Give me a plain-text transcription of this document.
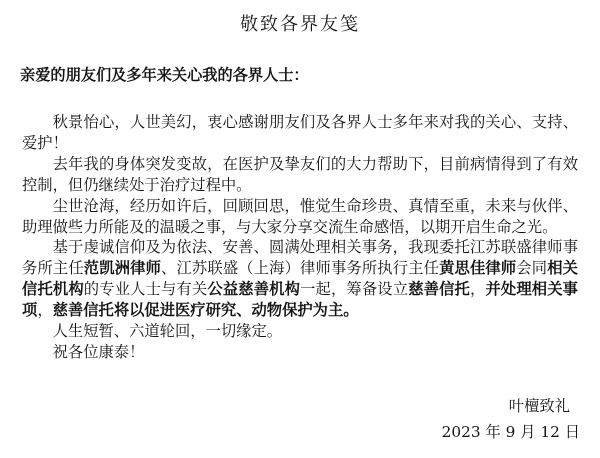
敬致各界友笺
亲爱的朋友们及多年来关心我的各界人士：

秋景怡心，人世美幻，衷心感谢朋友们及各界人士多年来对我的关心、支持、爱护！

去年我的身体突发变故，在医护及挚友们的大力帮助下，目前病情得到了有效控制，但仍继续处于治疗过程中。

尘世沧海，经历如许后，回顾回思，惟觉生命珍贵、真情至重，未来与伙伴、助理做些力所能及的温暖之事，与大家分享交流生命感悟，以期开启生命之光。

基于虔诚信仰及为依法、安善、圆满处理相关事务，我现委托江苏联盛律师事务所主任范凯洲律师、江苏联盛（上海）律师事务所执行主任黄思佳律师会同相关信托机构的专业人士与有关公益慈善机构一起，筹备设立慈善信托，并处理相关事项，慈善信托将以促进医疗研究、动物保护为主。

人生短暂、六道轮回，一切缘定。

祝各位康泰！

叶檀致礼
2023 年 9 月 12 日
